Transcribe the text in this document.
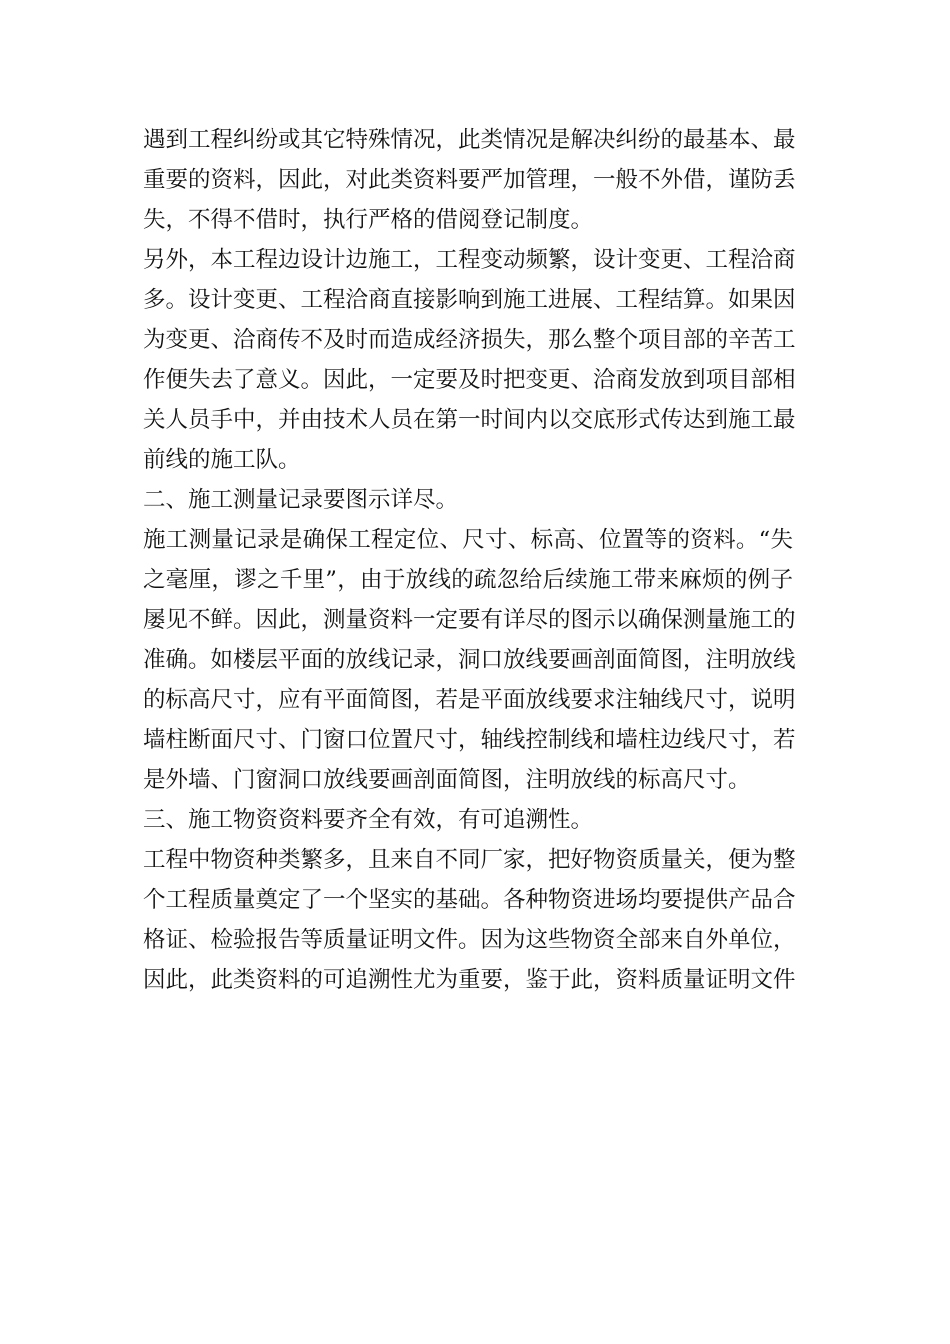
遇到工程纠纷或其它特殊情况，此类情况是解决纠纷的最基本、最
重要的资料，因此，对此类资料要严加管理，一般不外借，谨防丢
失，不得不借时，执行严格的借阅登记制度。
另外，本工程边设计边施工，工程变动频繁，设计变更、工程洽商
多。设计变更、工程洽商直接影响到施工进展、工程结算。如果因
为变更、洽商传不及时而造成经济损失，那么整个项目部的辛苦工
作便失去了意义。因此，一定要及时把变更、洽商发放到项目部相
关人员手中，并由技术人员在第一时间内以交底形式传达到施工最
前线的施工队。
二、施工测量记录要图示详尽。
施工测量记录是确保工程定位、尺寸、标高、位置等的资料。“失
之毫厘，谬之千里”，由于放线的疏忽给后续施工带来麻烦的例子
屡见不鲜。因此，测量资料一定要有详尽的图示以确保测量施工的
准确。如楼层平面的放线记录，洞口放线要画剖面简图，注明放线
的标高尺寸，应有平面简图，若是平面放线要求注轴线尺寸，说明
墙柱断面尺寸、门窗口位置尺寸，轴线控制线和墙柱边线尺寸，若
是外墙、门窗洞口放线要画剖面简图，注明放线的标高尺寸。
三、施工物资资料要齐全有效，有可追溯性。
工程中物资种类繁多，且来自不同厂家，把好物资质量关，便为整
个工程质量奠定了一个坚实的基础。各种物资进场均要提供产品合
格证、检验报告等质量证明文件。因为这些物资全部来自外单位，
因此，此类资料的可追溯性尤为重要，鉴于此，资料质量证明文件
